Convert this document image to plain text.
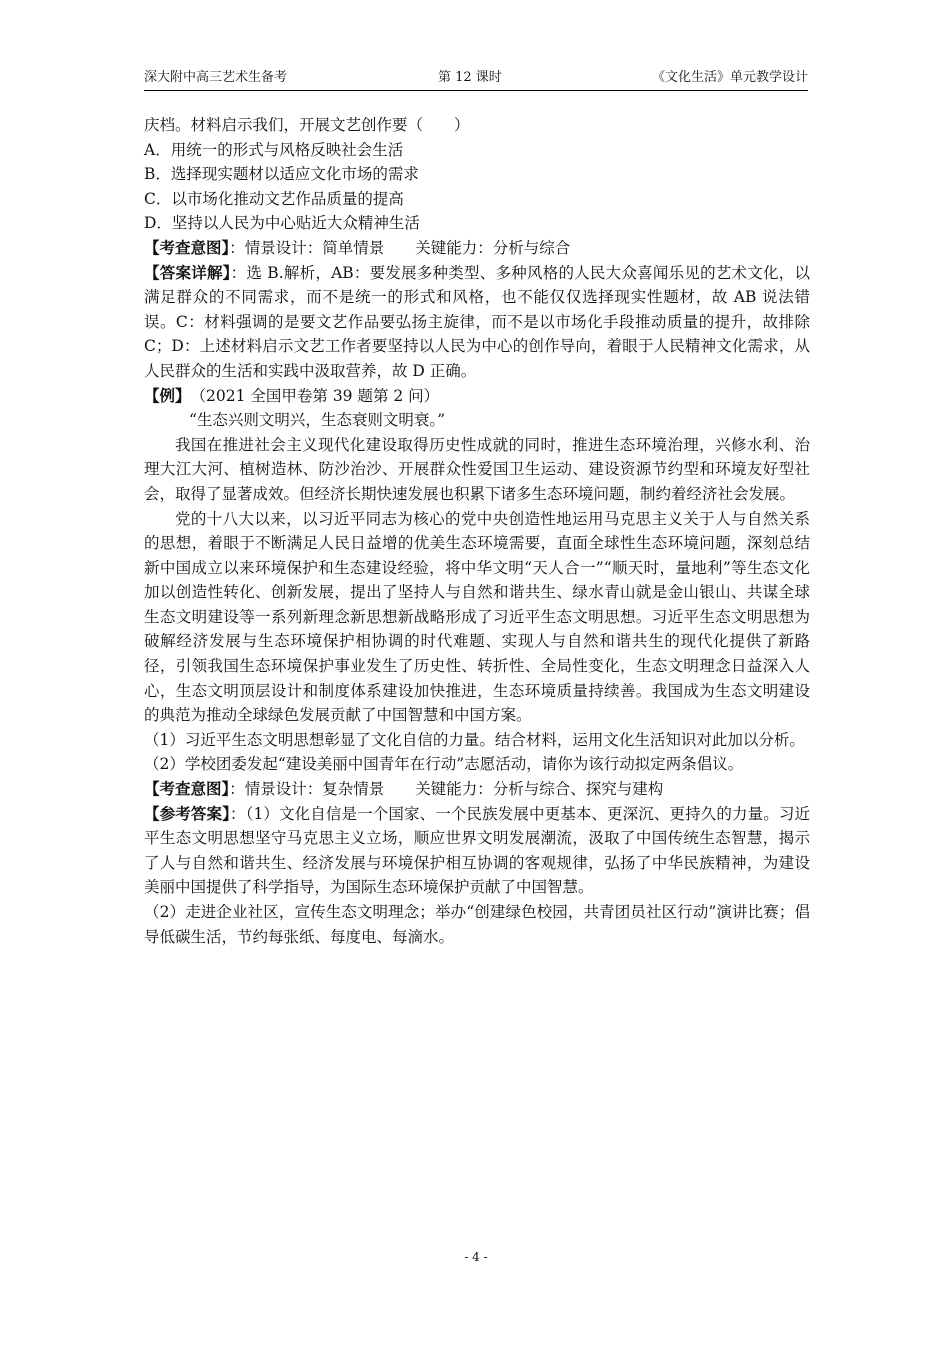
深大附中高三艺术生备考	第 12 课时	《文化生活》单元教学设计

庆档。材料启示我们，开展文艺创作要（　　）

A．用统一的形式与风格反映社会生活

B．选择现实题材以适应文化市场的需求

C．以市场化推动文艺作品质量的提高

D．坚持以人民为中心贴近大众精神生活

【考查意图】：情景设计：简单情景　　关键能力：分析与综合

【答案详解】：选 B.解析，AB：要发展多种类型、多种风格的人民大众喜闻乐见的艺术文化，以满足群众的不同需求，而不是统一的形式和风格，也不能仅仅选择现实性题材，故 AB 说法错误。C：材料强调的是要文艺作品要弘扬主旋律，而不是以市场化手段推动质量的提升，故排除 C；D：上述材料启示文艺工作者要坚持以人民为中心的创作导向，着眼于人民精神文化需求，从人民群众的生活和实践中汲取营养，故 D 正确。

【例】　（2021 全国甲卷第 39 题第 2 问）

“生态兴则文明兴，生态衰则文明衰。”

我国在推进社会主义现代化建设取得历史性成就的同时，推进生态环境治理，兴修水利、治理大江大河、植树造林、防沙治沙、开展群众性爱国卫生运动、建设资源节约型和环境友好型社会，取得了显著成效。但经济长期快速发展也积累下诸多生态环境问题，制约着经济社会发展。

党的十八大以来，以习近平同志为核心的党中央创造性地运用马克思主义关于人与自然关系的思想，着眼于不断满足人民日益增的优美生态环境需要，直面全球性生态环境问题，深刻总结新中国成立以来环境保护和生态建设经验，将中华文明“天人合一”“顺天时，量地利”等生态文化加以创造性转化、创新发展，提出了坚持人与自然和谐共生、绿水青山就是金山银山、共谋全球生态文明建设等一系列新理念新思想新战略形成了习近平生态文明思想。习近平生态文明思想为破解经济发展与生态环境保护相协调的时代难题、实现人与自然和谐共生的现代化提供了新路径，引领我国生态环境保护事业发生了历史性、转折性、全局性变化，生态文明理念日益深入人心，生态文明顶层设计和制度体系建设加快推进，生态环境质量持续善。我国成为生态文明建设的典范为推动全球绿色发展贡献了中国智慧和中国方案。

（1）习近平生态文明思想彰显了文化自信的力量。结合材料，运用文化生活知识对此加以分析。

（2）学校团委发起“建设美丽中国青年在行动”志愿活动，请你为该行动拟定两条倡议。

【考查意图】：情景设计：复杂情景　　关键能力：分析与综合、探究与建构

【参考答案】：（1）文化自信是一个国家、一个民族发展中更基本、更深沉、更持久的力量。习近平生态文明思想坚守马克思主义立场，顺应世界文明发展潮流，汲取了中国传统生态智慧，揭示了人与自然和谐共生、经济发展与环境保护相互协调的客观规律，弘扬了中华民族精神，为建设美丽中国提供了科学指导，为国际生态环境保护贡献了中国智慧。

（2）走进企业社区，宣传生态文明理念；举办“创建绿色校园，共青团员社区行动”演讲比赛；倡导低碳生活，节约每张纸、每度电、每滴水。

- 4 -
